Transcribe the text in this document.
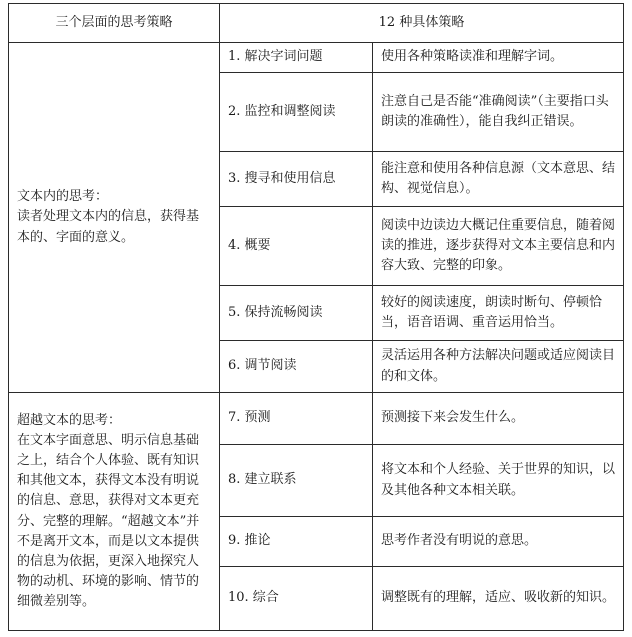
三个层面的思考策略	12 种具体策略	

文本内的思考：
读者处理文本内的信息，获得基本的、字面的意义。	1. 解决字词问题	使用各种策略读准和理解字词。
	2. 监控和调整阅读	注意自己是否能“准确阅读”（主要指口头朗读的准确性），能自我纠正错误。
	3. 搜寻和使用信息	能注意和使用各种信息源（文本意思、结构、视觉信息）。
	4. 概要	阅读中边读边大概记住重要信息，随着阅读的推进，逐步获得对文本主要信息和内容大致、完整的印象。
	5. 保持流畅阅读	较好的阅读速度，朗读时断句、停顿恰当，语音语调、重音运用恰当。
	6. 调节阅读	灵活运用各种方法解决问题或适应阅读目的和文体。

超越文本的思考：
在文本字面意思、明示信息基础之上，结合个人体验、既有知识和其他文本，获得文本没有明说的信息、意思，获得对文本更充分、完整的理解。“超越文本”并不是离开文本，而是以文本提供的信息为依据，更深入地探究人物的动机、环境的影响、情节的细微差别等。	7. 预测	预测接下来会发生什么。
	8. 建立联系	将文本和个人经验、关于世界的知识，以及其他各种文本相关联。
	9. 推论	思考作者没有明说的意思。
	10. 综合	调整既有的理解，适应、吸收新的知识。
